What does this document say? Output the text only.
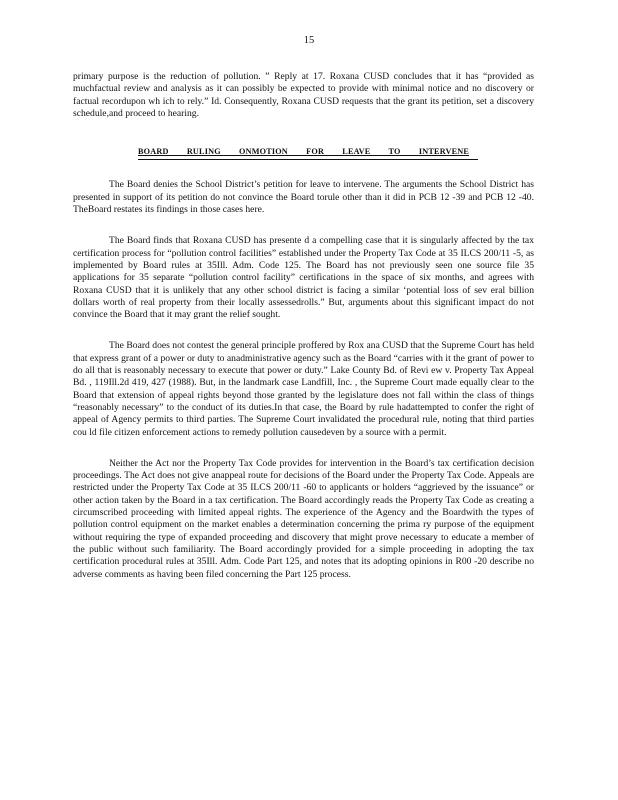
15

primary purpose is the reduction of pollution. ” Reply at 17. Roxana CUSD concludes that it has “provided as muchfactual review and analysis as it can possibly be expected to provide with minimal notice and no discovery or factual recordupon wh ich to rely.” Id. Consequently, Roxana CUSD requests that the grant its petition, set a discovery schedule,and proceed to hearing.

BOARD RULING ONMOTION FOR LEAVE TO INTERVENE

The Board denies the School District’s petition for leave to intervene. The arguments the School District has presented in support of its petition do not convince the Board torule other than it did in PCB 12 -39 and PCB 12 -40. TheBoard restates its findings in those cases here.

The Board finds that Roxana CUSD has presente d a compelling case that it is singularly affected by the tax certification process for “pollution control facilities” established under the Property Tax Code at 35 ILCS 200/11 -5, as implemented by Board rules at 35Ill. Adm. Code 125. The Board has not previously seen one source file 35 applications for 35 separate “pollution control facility” certifications in the space of six months, and agrees with Roxana CUSD that it is unlikely that any other school district is facing a similar ‘potential loss of sev eral billion dollars worth of real property from their locally assessedrolls.” But, arguments about this significant impact do not convince the Board that it may grant the relief sought.

The Board does not contest the general principle proffered by Rox ana CUSD that the Supreme Court has held that express grant of a power or duty to anadministrative agency such as the Board “carries with it the grant of power to do all that is reasonably necessary to execute that power or duty.” Lake County Bd. of Revi ew v. Property Tax Appeal Bd. , 119Ill.2d 419, 427 (1988). But, in the landmark case Landfill, Inc. , the Supreme Court made equally clear to the Board that extension of appeal rights beyond those granted by the legislature does not fall within the class of things “reasonably necessary” to the conduct of its duties.In that case, the Board by rule hadattempted to confer the right of appeal of Agency permits to third parties. The Supreme Court invalidated the procedural rule, noting that third parties cou ld file citizen enforcement actions to remedy pollution causedeven by a source with a permit.

Neither the Act nor the Property Tax Code provides for intervention in the Board’s tax certification decision proceedings. The Act does not give anappeal route for decisions of the Board under the Property Tax Code. Appeals are restricted under the Property Tax Code at 35 ILCS 200/11 -60 to applicants or holders “aggrieved by the issuance” or other action taken by the Board in a tax certification. The Board accordingly reads the Property Tax Code as creating a circumscribed proceeding with limited appeal rights. The experience of the Agency and the Boardwith the types of pollution control equipment on the market enables a determination concerning the prima ry purpose of the equipment without requiring the type of expanded proceeding and discovery that might prove necessary to educate a member of the public without such familiarity. The Board accordingly provided for a simple proceeding in adopting the tax certification procedural rules at 35Ill. Adm. Code Part 125, and notes that its adopting opinions in R00 -20 describe no adverse comments as having been filed concerning the Part 125 process.
